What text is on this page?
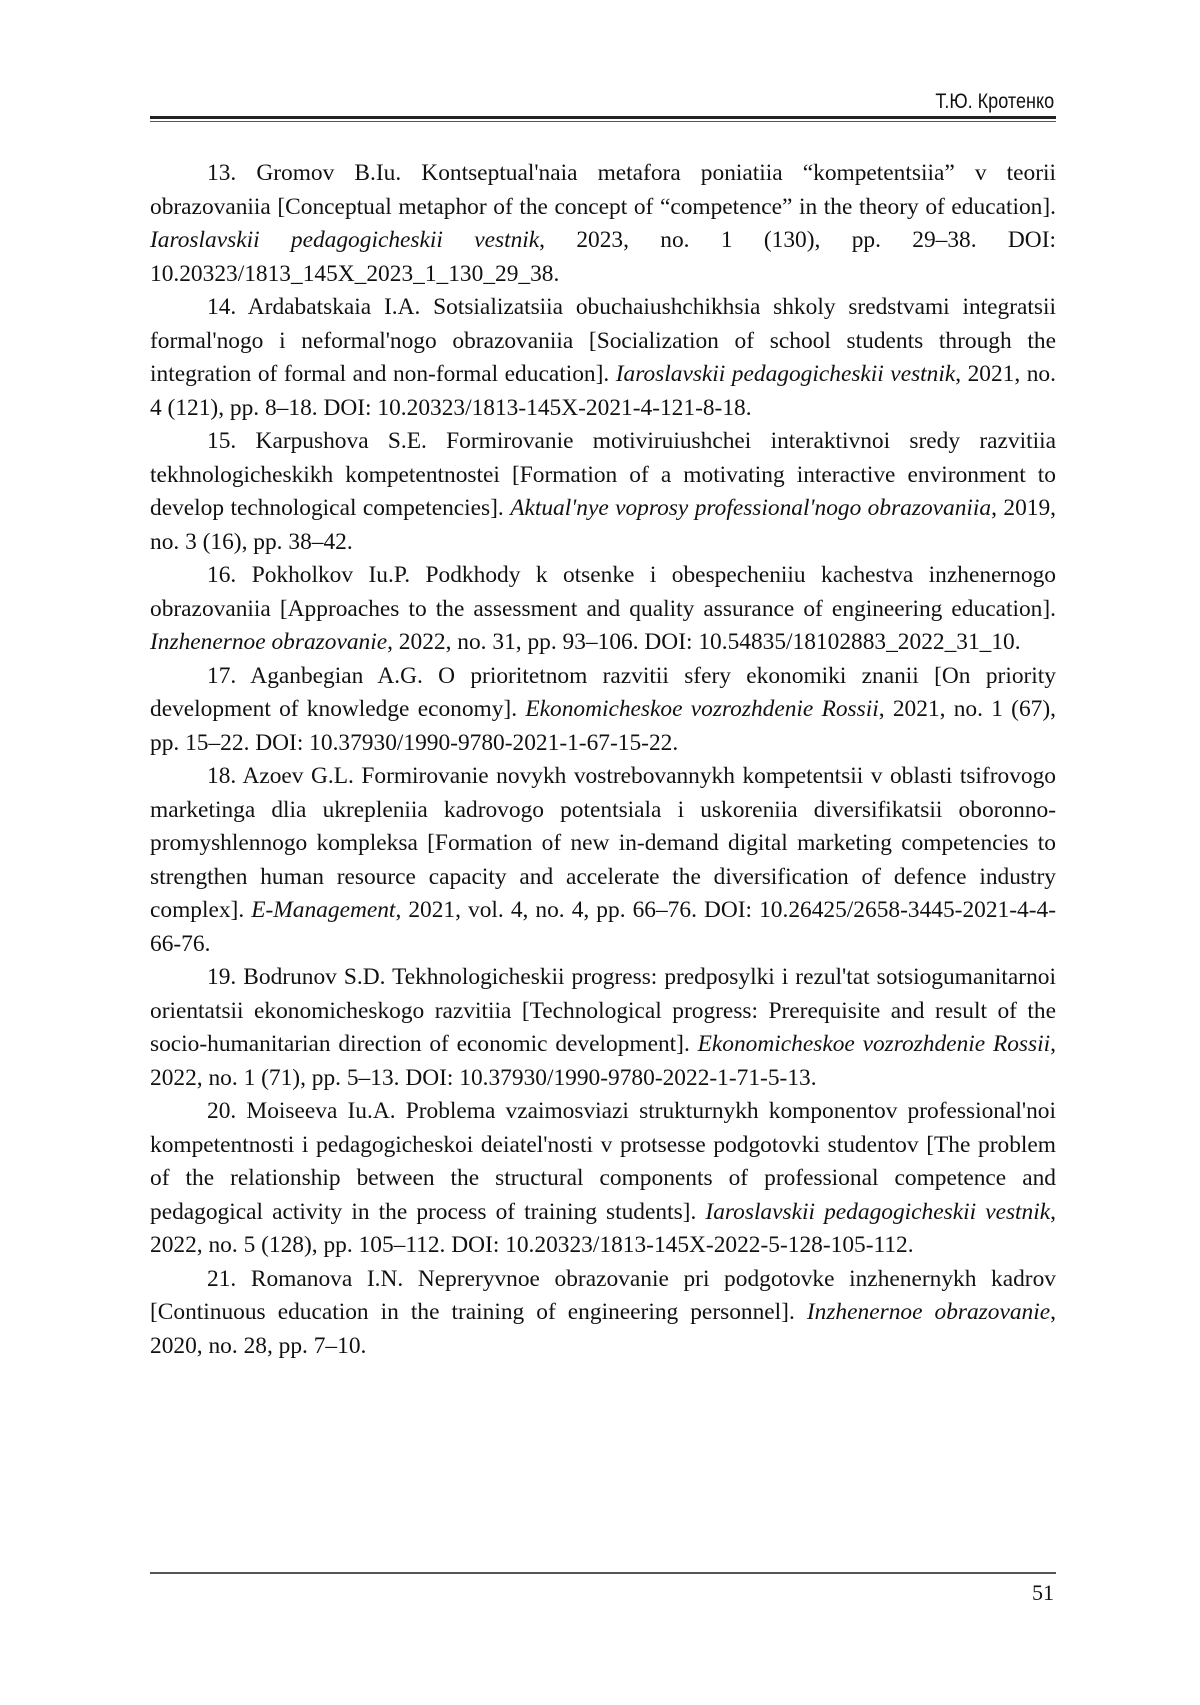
Т.Ю. Кротенко

13. Gromov B.Iu. Kontseptual'naia metafora poniatiia “kompetentsiia” v teorii obrazovaniia [Conceptual metaphor of the concept of “competence” in the theory of education]. Iaroslavskii pedagogicheskii vestnik, 2023, no. 1 (130), pp. 29–38. DOI: 10.20323/1813_145X_2023_1_130_29_38.

14. Ardabatskaia I.A. Sotsializatsiia obuchaiushchikhsia shkoly sredstvami integratsii formal'nogo i neformal'nogo obrazovaniia [Socialization of school students through the integration of formal and non-formal education]. Iaroslavskii pedagogicheskii vestnik, 2021, no. 4 (121), pp. 8–18. DOI: 10.20323/1813-145X-2021-4-121-8-18.

15. Karpushova S.E. Formirovanie motiviruiushchei interaktivnoi sredy razvitiia tekhnologicheskikh kompetentnostei [Formation of a motivating interactive environment to develop technological competencies]. Aktual'nye voprosy professional'nogo obrazovaniia, 2019, no. 3 (16), pp. 38–42.

16. Pokholkov Iu.P. Podkhody k otsenke i obespecheniiu kachestva inzhenernogo obrazovaniia [Approaches to the assessment and quality assurance of engineering education]. Inzhenernoe obrazovanie, 2022, no. 31, pp. 93–106. DOI: 10.54835/18102883_2022_31_10.

17. Aganbegian A.G. O prioritetnom razvitii sfery ekonomiki znanii [On priority development of knowledge economy]. Ekonomicheskoe vozrozhdenie Rossii, 2021, no. 1 (67), pp. 15–22. DOI: 10.37930/1990-9780-2021-1-67-15-22.

18. Azoev G.L. Formirovanie novykh vostrebovannykh kompetentsii v oblasti tsifrovogo marketinga dlia ukrepleniia kadrovogo potentsiala i uskoreniia diversifikatsii oboronno-promyshlennogo kompleksa [Formation of new in-demand digital marketing competencies to strengthen human resource capacity and accelerate the diversification of defence industry complex]. E-Management, 2021, vol. 4, no. 4, pp. 66–76. DOI: 10.26425/2658-3445-2021-4-4-66-76.

19. Bodrunov S.D. Tekhnologicheskii progress: predposylki i rezul'tat sotsiogumanitarnoi orientatsii ekonomicheskogo razvitiia [Technological progress: Prerequisite and result of the socio-humanitarian direction of economic development]. Ekonomicheskoe vozrozhdenie Rossii, 2022, no. 1 (71), pp. 5–13. DOI: 10.37930/1990-9780-2022-1-71-5-13.

20. Moiseeva Iu.A. Problema vzaimosviazi strukturnykh komponentov professional'noi kompetentnosti i pedagogicheskoi deiatel'nosti v protsesse podgotovki studentov [The problem of the relationship between the structural components of professional competence and pedagogical activity in the process of training students]. Iaroslavskii pedagogicheskii vestnik, 2022, no. 5 (128), pp. 105–112. DOI: 10.20323/1813-145X-2022-5-128-105-112.

21. Romanova I.N. Nepreryvnoe obrazovanie pri podgotovke inzhenernykh kadrov [Continuous education in the training of engineering personnel]. Inzhenernoe obrazovanie, 2020, no. 28, pp. 7–10.

51
